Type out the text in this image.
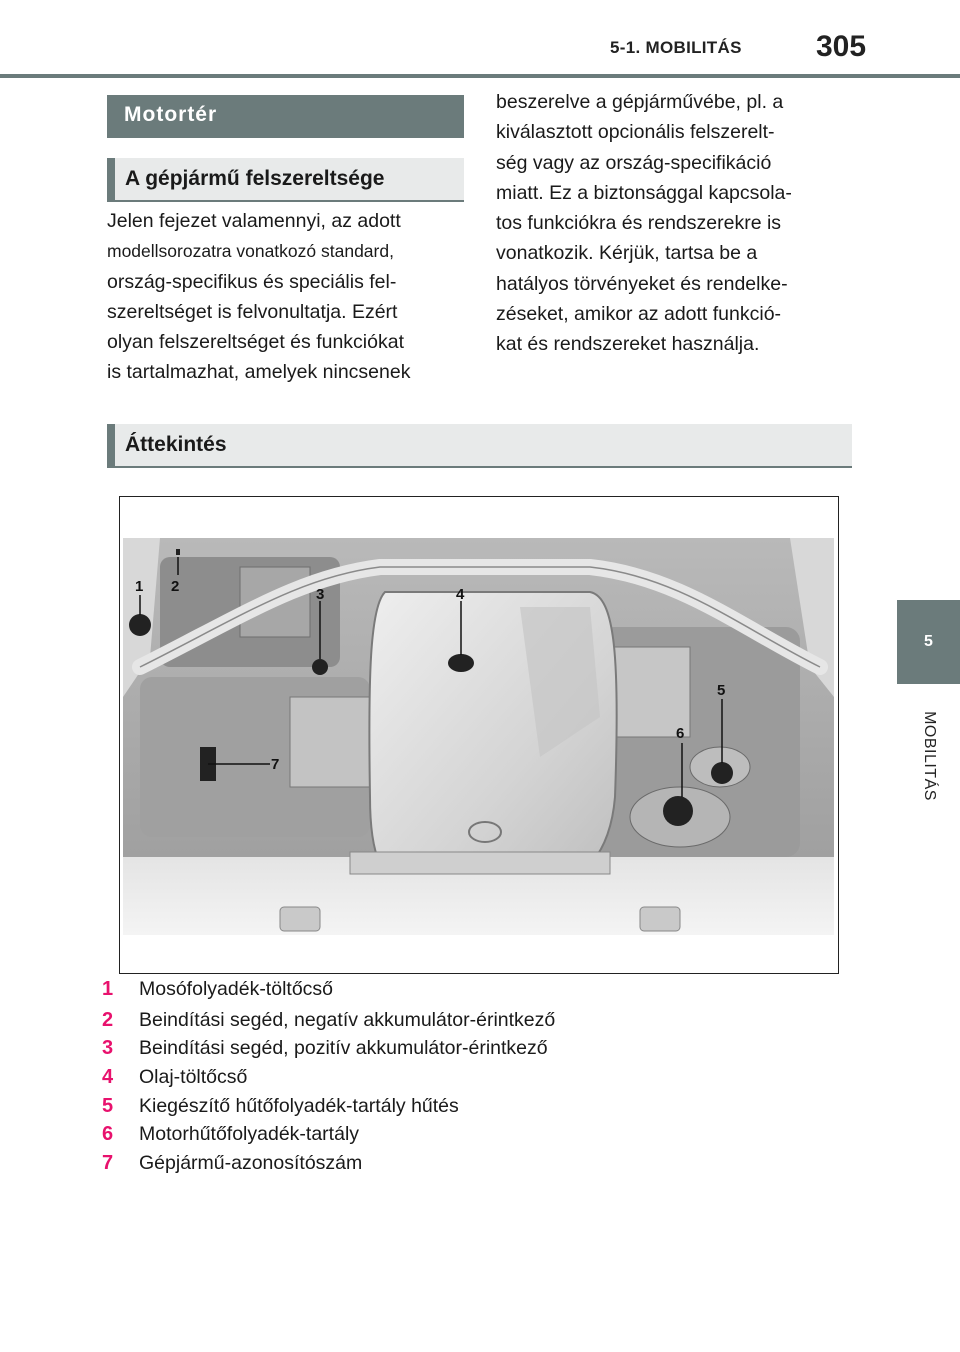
5-1. MOBILITÁS 305
5
MOBILITÁS
Motortér
A gépjármű felszereltsége
Jelen fejezet valamennyi, az adott
modellsorozatra vonatkozó standard,
ország-specifikus és speciális fel-
szereltséget is felvonultatja. Ezért
olyan felszereltséget és funkciókat
is tartalmazhat, amelyek nincsenek
beszerelve a gépjárművébe, pl. a
kiválasztott opcionális felszerelt-
ség vagy az ország-specifikáció
miatt. Ez a biztonsággal kapcsola-
tos funkciókra és rendszerekre is
vonatkozik. Kérjük, tartsa be a
hatályos törvényeket és rendelke-
zéseket, amikor az adott funkció-
kat és rendszereket használja.
Áttekintés
1 2	3	4
5
6
7
1	Mosófolyadék-töltőcső
2	Beindítási segéd, negatív akkumulátor-érintkező
3	Beindítási segéd, pozitív akkumulátor-érintkező
4	Olaj-töltőcső
5	Kiegészítő hűtőfolyadék-tartály hűtés
6	Motorhűtőfolyadék-tartály
7	Gépjármű-azonosítószám
